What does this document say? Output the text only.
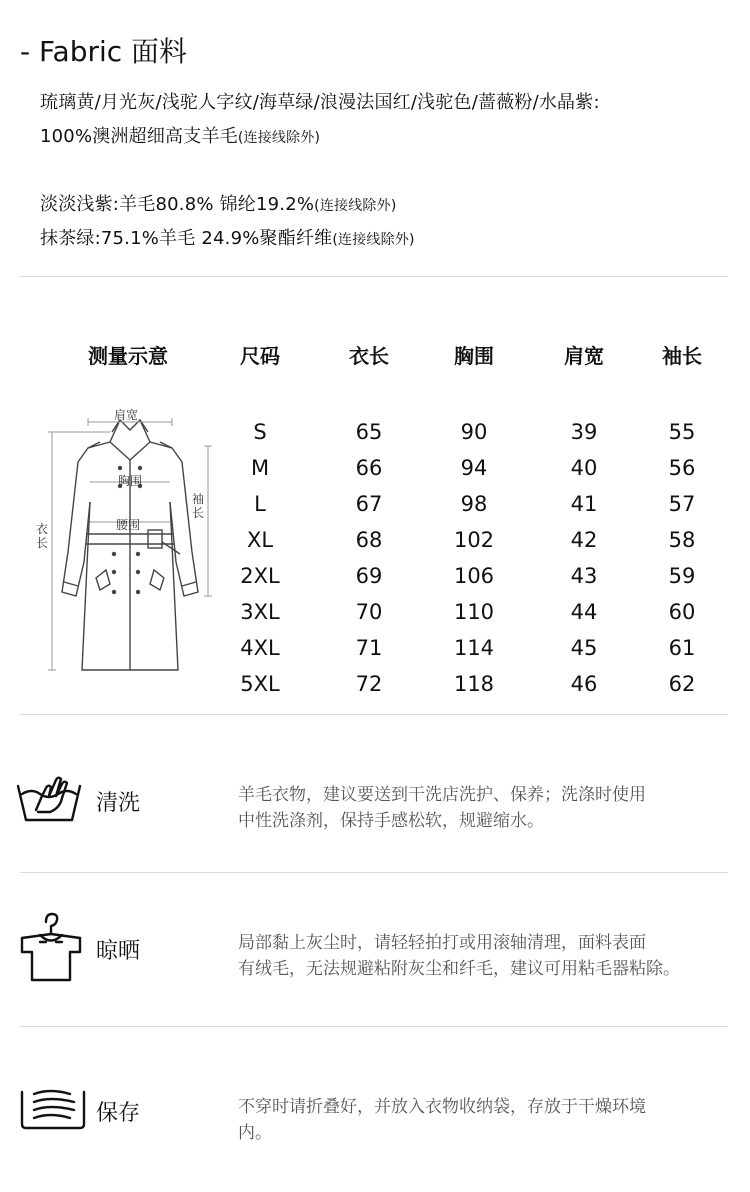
- Fabric 面料
琉璃黄/月光灰/浅驼人字纹/海草绿/浪漫法国红/浅驼色/蔷薇粉/水晶紫:
100%澳洲超细高支羊毛(连接线除外)
淡淡浅紫:羊毛80.8% 锦纶19.2%(连接线除外)
抹茶绿:75.1%羊毛 24.9%聚酯纤维(连接线除外)
测量示意	尺码	衣长	胸围	肩宽	袖长
肩宽
胸围
腰围
袖长
衣长
S	65	90	39	55
M	66	94	40	56
L	67	98	41	57
XL	68	102	42	58
2XL	69	106	43	59
3XL	70	110	44	60
4XL	71	114	45	61
5XL	72	118	46	62
清洗	羊毛衣物，建议要送到干洗店洗护、保养；洗涤时使用
中性洗涤剂，保持手感松软，规避缩水。
晾晒	局部黏上灰尘时，请轻轻拍打或用滚轴清理，面料表面
有绒毛，无法规避粘附灰尘和纤毛，建议可用粘毛器粘除。
保存	不穿时请折叠好，并放入衣物收纳袋，存放于干燥环境
内。
